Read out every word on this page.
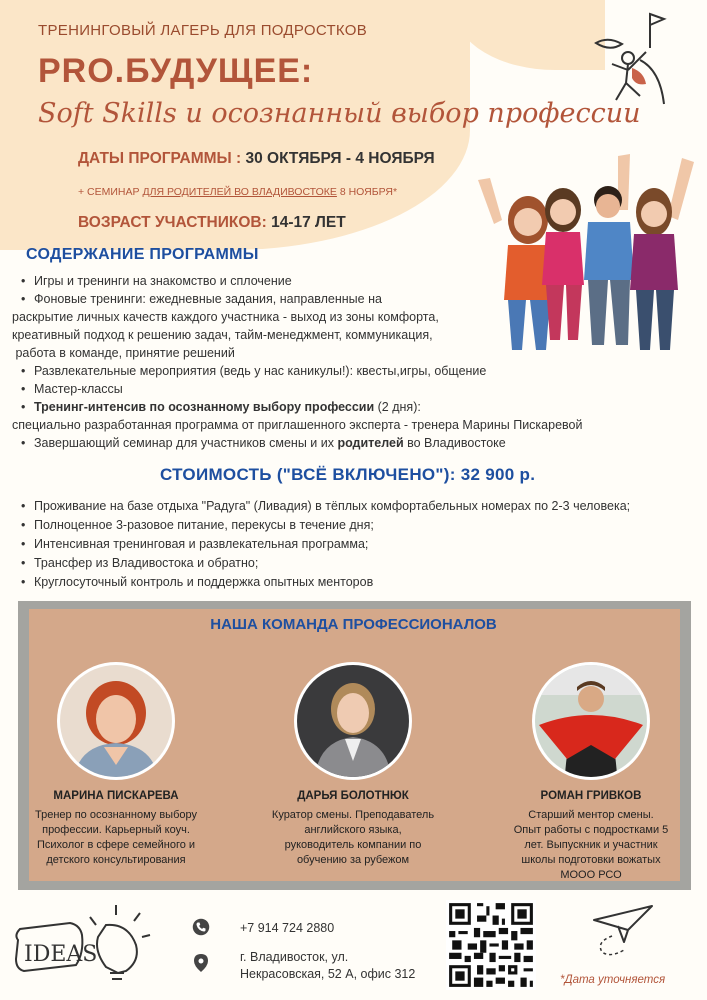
ТРЕНИНГОВЫЙ ЛАГЕРЬ ДЛЯ ПОДРОСТКОВ
PRO.БУДУЩЕЕ:
Soft Skills и осознанный выбор профессии
ДАТЫ ПРОГРАММЫ : 30 ОКТЯБРЯ - 4 НОЯБРЯ
+ СЕМИНАР ДЛЯ РОДИТЕЛЕЙ ВО ВЛАДИВОСТОКЕ 8 НОЯБРЯ*
ВОЗРАСТ УЧАСТНИКОВ: 14-17 ЛЕТ
СОДЕРЖАНИЕ ПРОГРАММЫ
• Игры и тренинги на знакомство и сплочение
• Фоновые тренинги: ежедневные задания, направленные на
раскрытие личных качеств каждого участника - выход из зоны комфорта,
креативный подход к решению задач, тайм-менеджмент, коммуникация,
работа в команде, принятие решений
• Развлекательные мероприятия (ведь у нас каникулы!): квесты,игры, общение
• Мастер-классы
• Тренинг-интенсив по осознанному выбору профессии (2 дня):
специально разработанная программа от приглашенного эксперта - тренера Марины Пискаревой
• Завершающий семинар для участников смены и их родителей во Владивостоке
СТОИМОСТЬ ("ВСЁ ВКЛЮЧЕНО"): 32 900 р.
• Проживание на базе отдыха "Радуга" (Ливадия) в тёплых комфортабельных номерах по 2-3 человека;
• Полноценное 3-разовое питание, перекусы в течение дня;
• Интенсивная тренинговая и развлекательная программа;
• Трансфер из Владивостока и обратно;
• Круглосуточный контроль и поддержка опытных менторов
НАША КОМАНДА ПРОФЕССИОНАЛОВ
МАРИНА ПИСКАРЕВА
Тренер по осознанному выбору
профессии. Карьерный коуч.
Психолог в сфере семейного и
детского консультирования
ДАРЬЯ БОЛОТНЮК
Куратор смены. Преподаватель
английского языка,
руководитель компании по
обучению за рубежом
РОМАН ГРИВКОВ
Старший ментор смены.
Опыт работы с подростками 5
лет. Выпускник и участник
школы подготовки вожатых
МООО РСО
IDEAS
+7 914 724 2880
г. Владивосток, ул.
Некрасовская, 52 А, офис 312	*Дата уточняется
